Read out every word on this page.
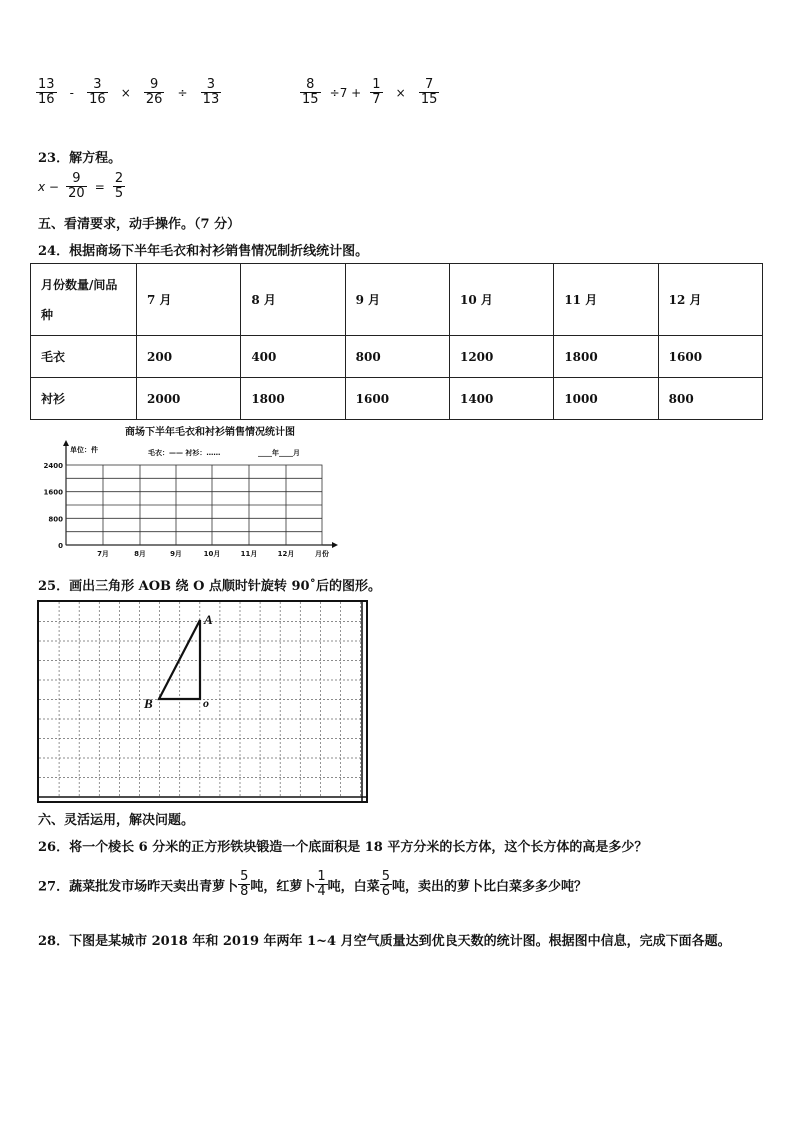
$\frac{13}{16} - \frac{3}{16} \times \frac{9}{26} \div \frac{3}{13}$	$\frac{8}{15} \div 7 + \frac{1}{7} \times \frac{7}{15}$
23．解方程。
$x - \frac{9}{20} = \frac{2}{5}$
五、看清要求，动手操作。（7 分）
24．根据商场下半年毛衣和衬衫销售情况制折线统计图。
月份数量/间品种	7 月	8 月	9 月	10 月	11 月	12 月
毛衣	200	400	800	1200	1800	1600
衬衫	2000	1800	1600	1400	1000	800
商场下半年毛衣和衬衫销售情况统计图
单位：件	毛衣：—— 衬衫：……	____年____月
2400
1600
800
0
7月	8月	9月	10月	11月	12月	月份
25．画出三角形 AOB 绕 O 点顺时针旋转 90˚后的图形。
A
B	o
六、灵活运用，解决问题。
26．将一个棱长 6 分米的正方形铁块锻造一个底面积是 18 平方分米的长方体，这个长方体的高是多少？
27．蔬菜批发市场昨天卖出青萝卜 $\frac{5}{8}$ 吨，红萝卜 $\frac{1}{4}$ 吨，白菜 $\frac{5}{6}$ 吨，卖出的萝卜比白菜多多少吨？
28．下图是某城市 2018 年和 2019 年两年 1~4 月空气质量达到优良天数的统计图。根据图中信息，完成下面各题。
